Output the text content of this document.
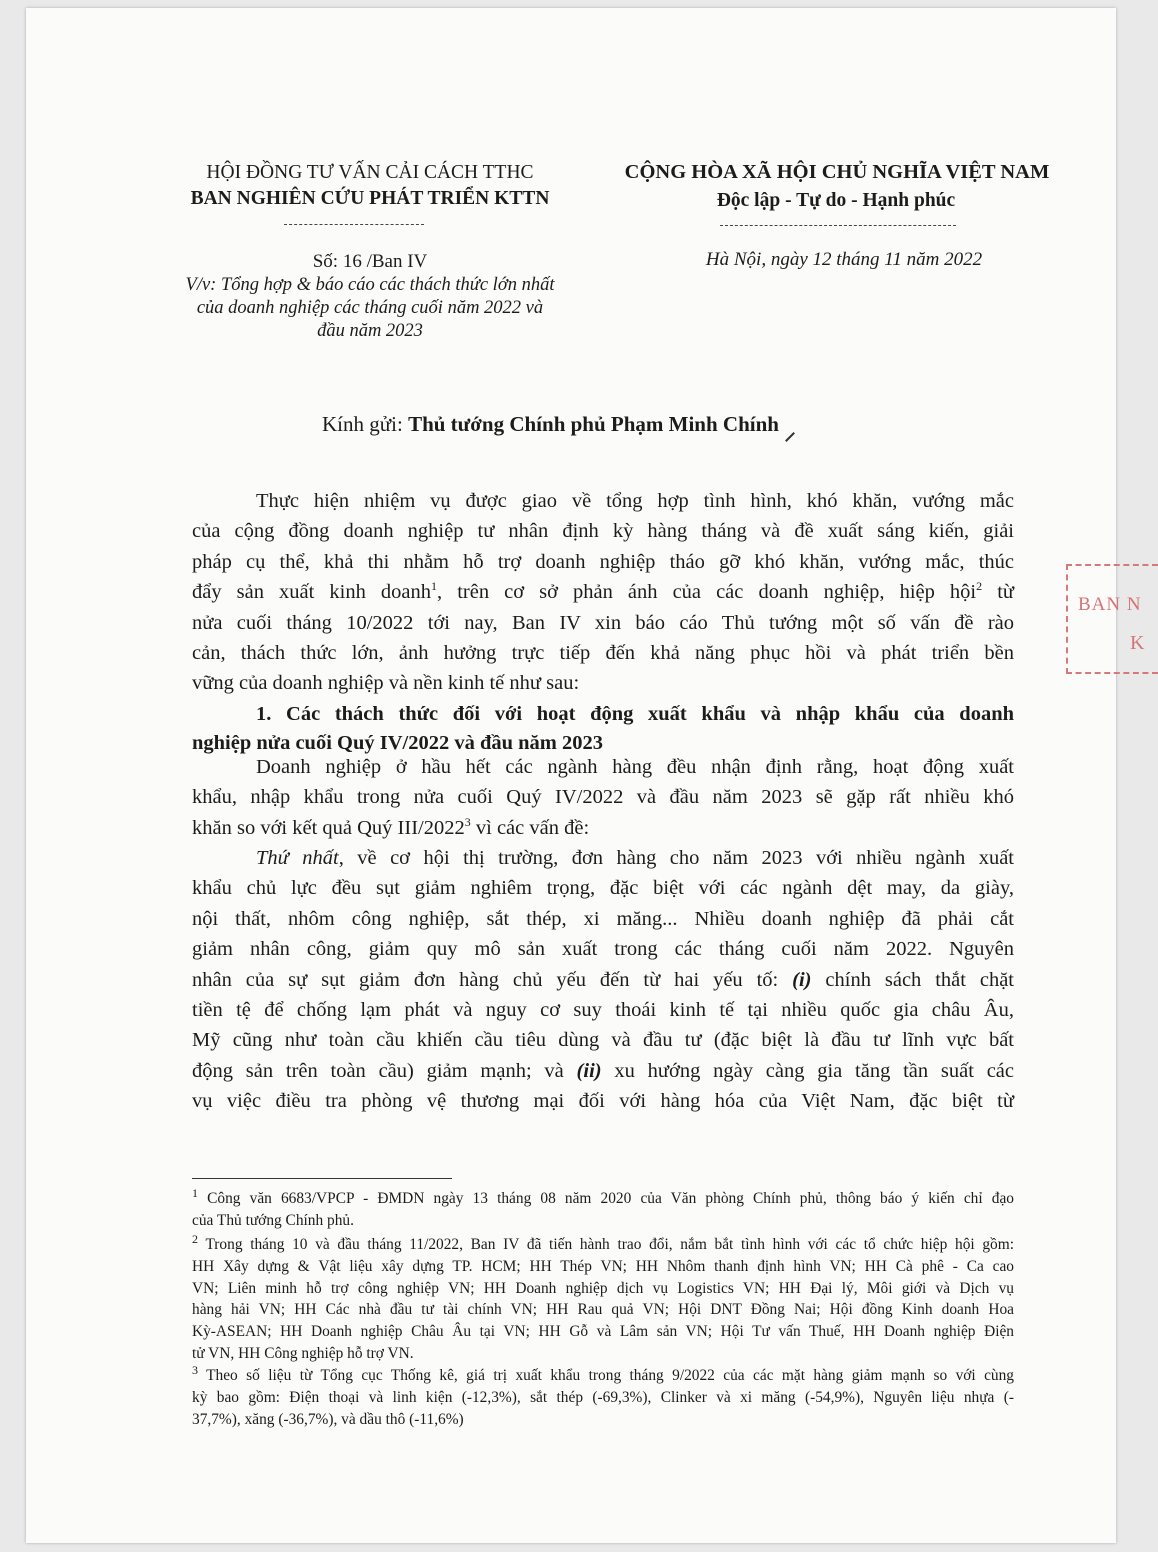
HỘI ĐỒNG TƯ VẤN CẢI CÁCH TTHC
BAN NGHIÊN CỨU PHÁT TRIỂN KTTN
CỘNG HÒA XÃ HỘI CHỦ NGHĨA VIỆT NAM
Độc lập - Tự do - Hạnh phúc
Số: 16 /Ban IV
V/v: Tổng hợp & báo cáo các thách thức lớn nhất
của doanh nghiệp các tháng cuối năm 2022 và
đầu năm 2023
Hà Nội, ngày 12 tháng 11 năm 2022
Kính gửi: Thủ tướng Chính phủ Phạm Minh Chính
Thực hiện nhiệm vụ được giao về tổng hợp tình hình, khó khăn, vướng mắc
của cộng đồng doanh nghiệp tư nhân định kỳ hàng tháng và đề xuất sáng kiến, giải
pháp cụ thể, khả thi nhằm hỗ trợ doanh nghiệp tháo gỡ khó khăn, vướng mắc, thúc
đẩy sản xuất kinh doanh$^1$, trên cơ sở phản ánh của các doanh nghiệp, hiệp hội$^2$ từ
nửa cuối tháng 10/2022 tới nay, Ban IV xin báo cáo Thủ tướng một số vấn đề rào
cản, thách thức lớn, ảnh hưởng trực tiếp đến khả năng phục hồi và phát triển bền
vững của doanh nghiệp và nền kinh tế như sau:
1. Các thách thức đối với hoạt động xuất khẩu và nhập khẩu của doanh
nghiệp nửa cuối Quý IV/2022 và đầu năm 2023
Doanh nghiệp ở hầu hết các ngành hàng đều nhận định rằng, hoạt động xuất
khẩu, nhập khẩu trong nửa cuối Quý IV/2022 và đầu năm 2023 sẽ gặp rất nhiều khó
khăn so với kết quả Quý III/2022$^3$ vì các vấn đề:
Thứ nhất, về cơ hội thị trường, đơn hàng cho năm 2023 với nhiều ngành xuất
khẩu chủ lực đều sụt giảm nghiêm trọng, đặc biệt với các ngành dệt may, da giày,
nội thất, nhôm công nghiệp, sắt thép, xi măng... Nhiều doanh nghiệp đã phải cắt
giảm nhân công, giảm quy mô sản xuất trong các tháng cuối năm 2022. Nguyên
nhân của sự sụt giảm đơn hàng chủ yếu đến từ hai yếu tố: (i) chính sách thắt chặt
tiền tệ để chống lạm phát và nguy cơ suy thoái kinh tế tại nhiều quốc gia châu Âu,
Mỹ cũng như toàn cầu khiến cầu tiêu dùng và đầu tư (đặc biệt là đầu tư lĩnh vực bất
động sản trên toàn cầu) giảm mạnh; và (ii) xu hướng ngày càng gia tăng tần suất các
vụ việc điều tra phòng vệ thương mại đối với hàng hóa của Việt Nam, đặc biệt từ
$^1$ Công văn 6683/VPCP - ĐMDN ngày 13 tháng 08 năm 2020 của Văn phòng Chính phủ, thông báo ý kiến chỉ đạo
của Thủ tướng Chính phủ.
$^2$ Trong tháng 10 và đầu tháng 11/2022, Ban IV đã tiến hành trao đổi, nắm bắt tình hình với các tổ chức hiệp hội gồm:
HH Xây dựng & Vật liệu xây dựng TP. HCM; HH Thép VN; HH Nhôm thanh định hình VN; HH Cà phê - Ca cao
VN; Liên minh hỗ trợ công nghiệp VN; HH Doanh nghiệp dịch vụ Logistics VN; HH Đại lý, Môi giới và Dịch vụ
hàng hải VN; HH Các nhà đầu tư tài chính VN; HH Rau quả VN; Hội DNT Đồng Nai; Hội đồng Kinh doanh Hoa
Kỳ-ASEAN; HH Doanh nghiệp Châu Âu tại VN; HH Gỗ và Lâm sản VN; Hội Tư vấn Thuế, HH Doanh nghiệp Điện
tử VN, HH Công nghiệp hỗ trợ VN.
$^3$ Theo số liệu từ Tổng cục Thống kê, giá trị xuất khẩu trong tháng 9/2022 của các mặt hàng giảm mạnh so với cùng
kỳ bao gồm: Điện thoại và linh kiện (-12,3%), sắt thép (-69,3%), Clinker và xi măng (-54,9%), Nguyên liệu nhựa (-
37,7%), xăng (-36,7%), và dầu thô (-11,6%)
BAN N
K
